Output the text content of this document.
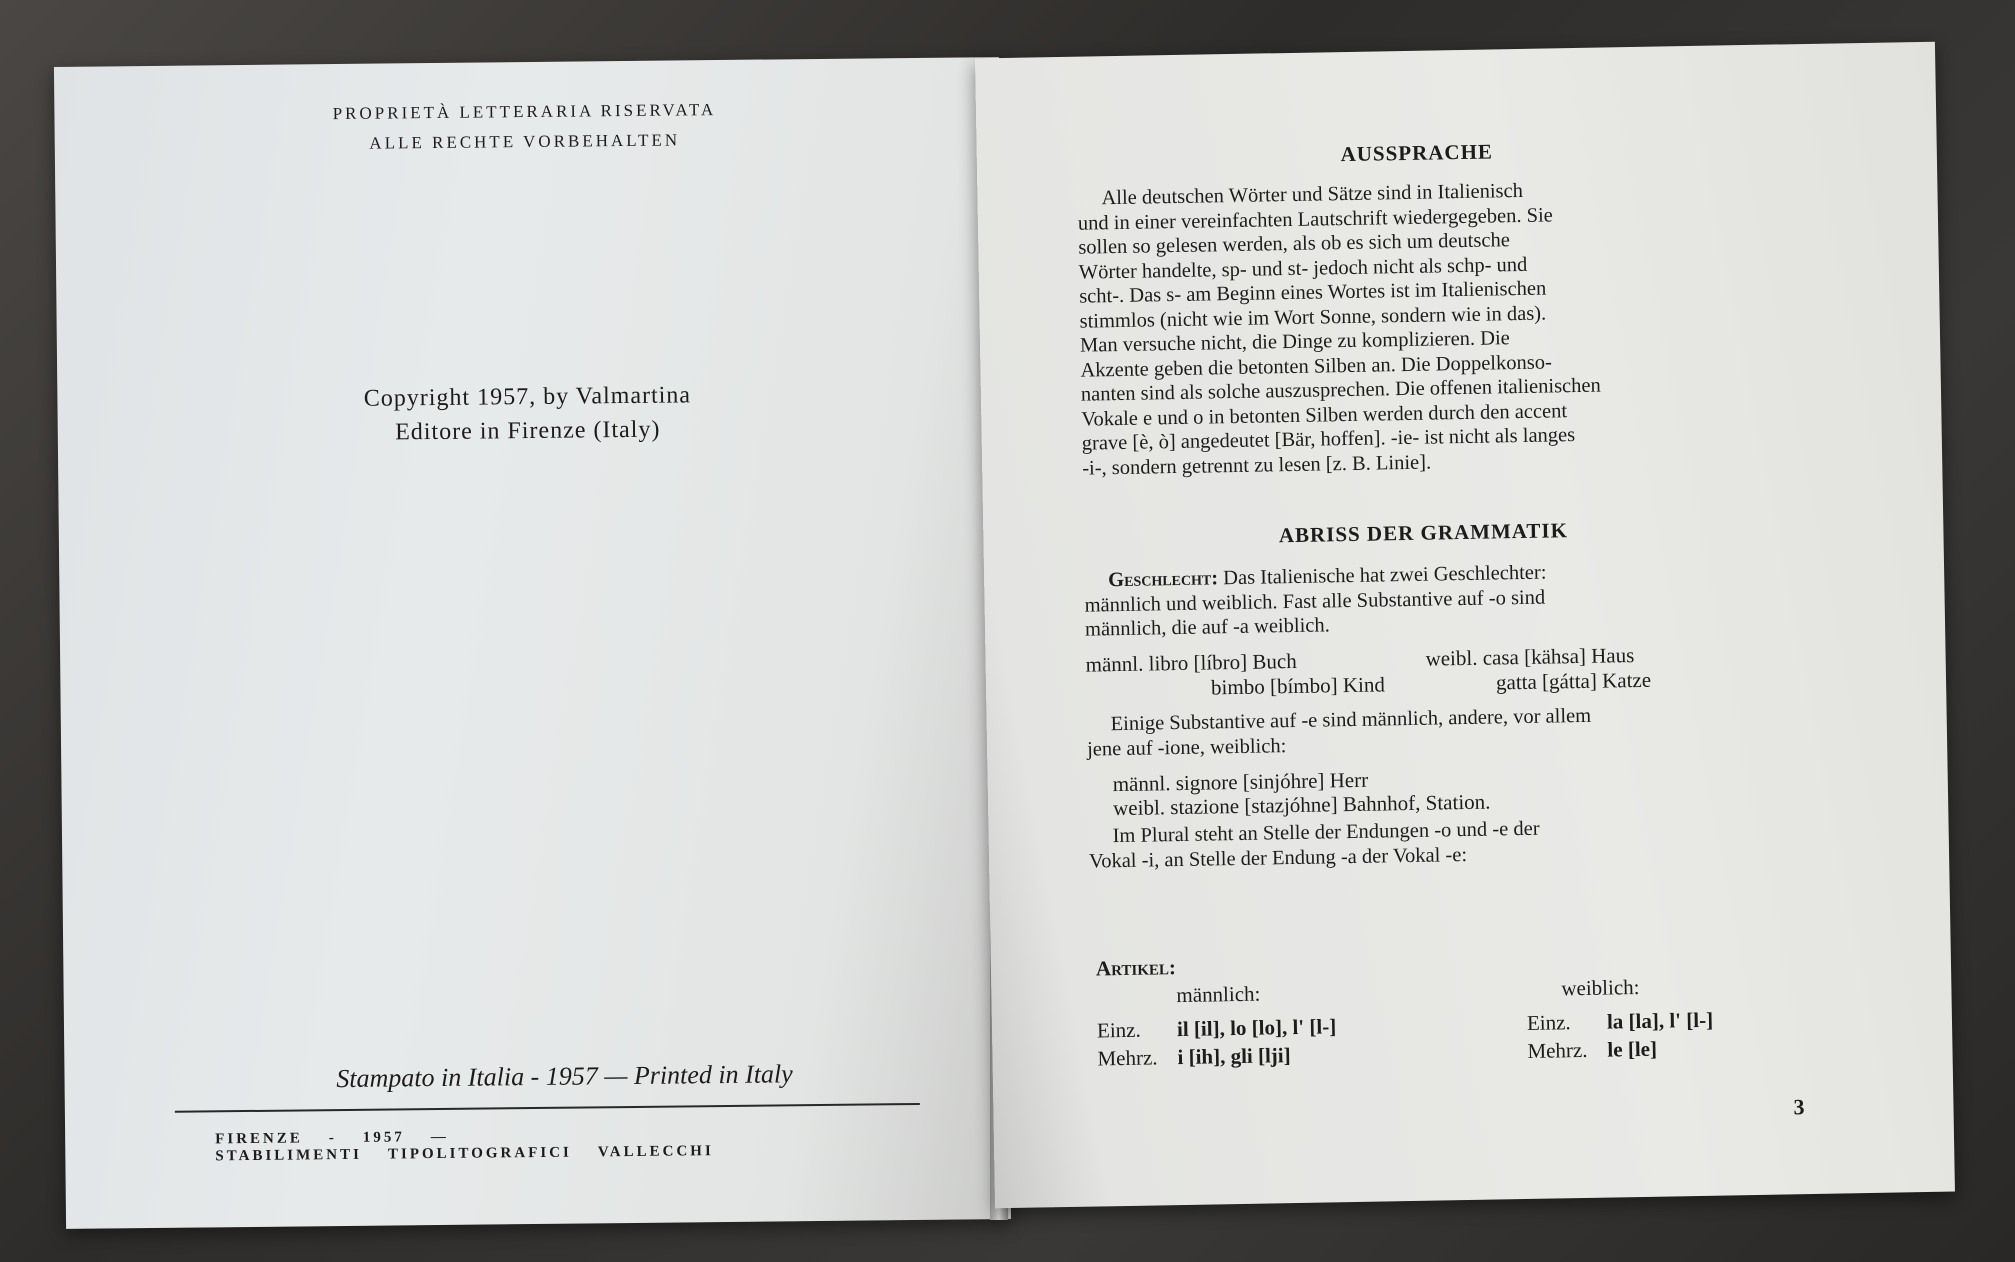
PROPRIETÀ LETTERARIA RISERVATA
ALLE RECHTE VORBEHALTEN
Copyright 1957, by Valmartina
Editore in Firenze (Italy)
Stampato in Italia - 1957 — Printed in Italy
FIRENZE - 1957 —STABILIMENTI TIPOLITOGRAFICI VALLECCHI
AUSSPRACHE
Alle deutschen Wörter und Sätze sind in Italienisch
und in einer vereinfachten Lautschrift wiedergegeben. Sie
sollen so gelesen werden, als ob es sich um deutsche
Wörter handelte, sp- und st- jedoch nicht als schp- und
scht-. Das s- am Beginn eines Wortes ist im Italienischen
stimmlos (nicht wie im Wort Sonne, sondern wie in das).
Man versuche nicht, die Dinge zu komplizieren. Die
Akzente geben die betonten Silben an. Die Doppelkonso-
nanten sind als solche auszusprechen. Die offenen italienischen
Vokale e und o in betonten Silben werden durch den accent
grave [è, ò] angedeutet [Bär, hoffen]. -ie- ist nicht als langes
-i-, sondern getrennt zu lesen [z. B. Linie].
ABRISS DER GRAMMATIK
Geschlecht: Das Italienische hat zwei Geschlechter:
männlich und weiblich. Fast alle Substantive auf -o sind
männlich, die auf -a weiblich.
männl. libro [líbro] Buch
bimbo [bímbo] Kind
weibl. casa [kähsa] Haus
gatta [gátta] Katze
Einige Substantive auf -e sind männlich, andere, vor allem
jene auf -ione, weiblich:
männl. signore [sinjóhre] Herr
weibl. stazione [stazjóhne] Bahnhof, Station.
Im Plural steht an Stelle der Endungen -o und -e der
Vokal -i, an Stelle der Endung -a der Vokal -e:
Artikel:
männlich:	weiblich:
Einz. il [il], lo [lo], l' [l-]
Mehrz. i [ih], gli [lji]
Einz. la [la], l' [l-]
Mehrz. le [le]
3
